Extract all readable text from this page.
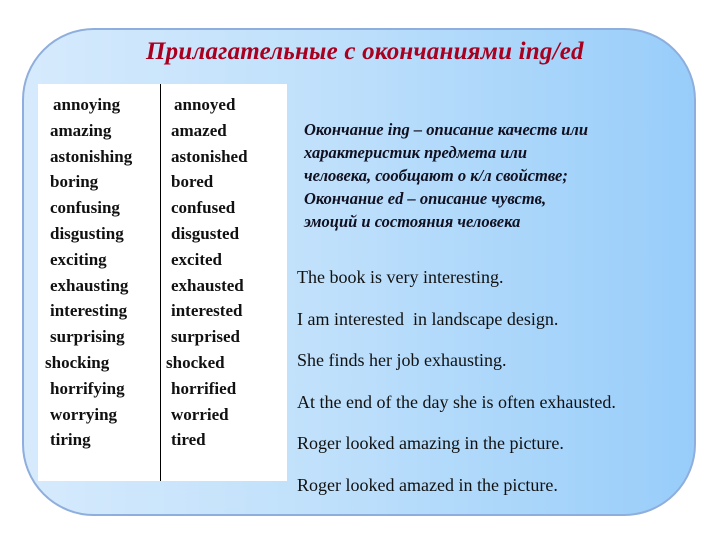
Прилагательные с окончаниями ing/ed
annoying
amazing
astonishing
boring
confusing
disgusting
exciting
exhausting
interesting
surprising
shocking
horrifying
worrying
tiring
annoyed
amazed
astonished
bored
confused
disgusted
excited
exhausted
interested
surprised
shocked
horrified
worried
tired
Окончание ing – описание качеств или
характеристик предмета или
человека, сообщают о к/л свойстве;
Окончание ed – описание чувств,
эмоций и состояния человека
The book is very interesting.
I am interested  in landscape design.
She finds her job exhausting.
At the end of the day she is often exhausted.
Roger looked amazing in the picture.
Roger looked amazed in the picture.
